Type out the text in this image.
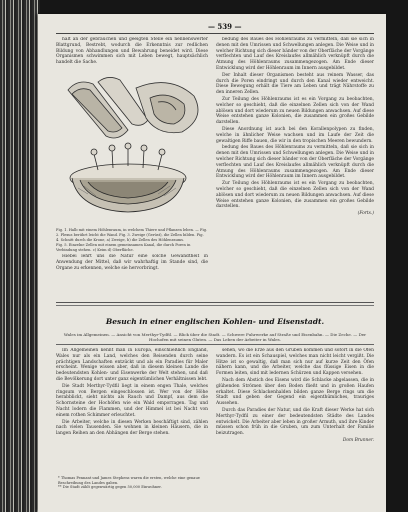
— 539 —

halt an der gebräuchen und geeigten Stelle ein nennenswerter Blattgrund, Bestrebt, wodurch die Erkenntnis zur redlichen Bildung von Abhandlungen und Bewahrung beneidet wird. Diese Organismen schwimmen sich mit Leben bewegt, hauptsächlich handelt die Sache.

Fig. 1. Halb mit einem Höhlenraum, in welchem Thiere und Pflanzen leben. — Fig. 2. Plexus berührt leicht die Wand. Fig. 3. Zweige (Gerüst), die Zellen bilden. Fig. 4. Schnitt durch die Krone, a) Zweige, b) die Zellen des Höhlenraums.
Fig. 5. Einzelne Zellen mit einem gemeinsamen Kanal, die durch Poren in Verbindung stehen. c) Keim d) Oberfläche.

Hiebei lehrt uns die Natur eine solche Gewandtheit in Anwendung der Mittel, daß wir wahrhaftig im Stande sind, die Organe zu erkennen, welche sie hervorbringt.

bedung des Baues des Höhlenraums zu vermitteln, daß sie sich in denen mit den Umrissen und Schwellungen anlegen. Die Weise und in welcher Richtung sich dieser bänder von der Oberfläche der Vorgänge verflechten und Lauf des Kreislaufes allmählich verknüpft durch die Atmung des Höhlenraums zusammengezogen. Am Ende dieser Entwicklung wird der Höhlenraum im Innern ausgebildet.

Der Inhalt dieser Organismen besteht aus reinem Wasser, das durch die Poren eindringt und durch den Kanal wieder entweicht. Diese Bewegung erhält die Tiere am Leben und trägt Nährstoffe zu den inneren Zellen.

Zur Teilung des Höhlenraums ist es ein Vorgang zu beobachten, welcher so geschieht, daß die einzelnen Zellen sich von der Wand ablösen und dort wiederum zu neuen Bildungen anwachsen. Auf diese Weise entstehen ganze Kolonien, die zusammen ein großes Gebilde darstellen.

Diese Anordnung ist auch bei den Korallenpolypen zu finden, welche in ähnlicher Weise wachsen und im Laufe der Zeit die gewaltigen Riffe bauen, die wir in den tropischen Meeren bewundern.

bedung des Baues des Höhlenraums zu vermitteln, daß sie sich in denen mit den Umrissen und Schwellungen anlegen. Die Weise und in welcher Richtung sich dieser bänder von der Oberfläche der Vorgänge verflechten und Lauf des Kreislaufes allmählich verknüpft durch die Atmung des Höhlenraums zusammengezogen. Am Ende dieser Entwicklung wird der Höhlenraum im Innern ausgebildet.

Zur Teilung des Höhlenraums ist es ein Vorgang zu beobachten, welcher so geschieht, daß die einzelnen Zellen sich von der Wand ablösen und dort wiederum zu neuen Bildungen anwachsen. Auf diese Weise entstehen ganze Kolonien, die zusammen ein großes Gebilde darstellen.

(Forts.)
Besuch in einer englischen Kohlen- und Eisenstadt.
Wales im Allgemeinen. — Ansicht von Merthyr-Tydfil. — Blick über die Stadt. — Schwere Fuhrwerke auf Straße und Eisenbahn. — Die Zeche. — Der Hochofen mit seinen Gluten. — Das Leben der Arbeiter in Wales.

Im Allgemeinen kennt man in Europa, einschließlich England, Wales nur als ein Land, welches den Reisenden durch seine prächtigen Landschaften entzückt und als ein Paradies für Maler erscheint. Wenige wissen aber, daß in diesem kleinen Lande die bedeutendsten Kohlen- und Eisenwerke der Welt stehen, und daß die Bevölkerung dort unter ganz eigentümlichen Verhältnissen lebt.

Die Stadt Merthyr-Tydfil liegt in einem engen Thale, welches ringsum von Bergen eingeschlossen ist. Wer von der Höhe herabblickt, sieht nichts als Rauch und Dampf, aus dem die Schornsteine der Hochöfen wie ein Wald emporragen. Tag und Nacht lodern die Flammen, und der Himmel ist bei Nacht von einem rothen Schimmer erleuchtet.

Die Arbeiter, welche in diesen Werken beschäftigt sind, zählen nach vielen Tausenden. Sie wohnen in kleinen Häusern, die in langen Reihen an den Abhängen der Berge stehen.

* Thomas Pennant und James Stephens waren die ersten, welche eine genaue Beschreibung des Landes gaben.
** Die Stadt zählt gegenwärtig gegen 50,000 Einwohner.

sehen, wo die Erze aus den Gruben kommen und sofort in die Öfen wandern. Es ist ein Schauspiel, welches man nicht leicht vergißt. Die Hitze ist so gewaltig, daß man sich nur auf kurze Zeit den Öfen nähern kann, und die Arbeiter, welche das flüssige Eisen in die Formen leiten, sind mit ledernen Schürzen und Kappen versehen.

Nach dem Abstich des Eisens wird die Schlacke abgelassen, die in glühenden Strömen über den Boden fließt und in großen Haufen erkaltet. Diese Schlackenhalden bilden ganze Berge rings um die Stadt und geben der Gegend ein eigenthümliches, trauriges Aussehen.

Durch das Paradies der Natur, und die Kraft dieser Werke hat sich Merthyr-Tydfil zu einer der bedeutendsten Städte des Landes entwickelt. Die Arbeiter aber leben in großer Armuth, und ihre Kinder müssen schon früh in die Gruben, um zum Unterhalt der Familie beizutragen.

Dom Brunner.
